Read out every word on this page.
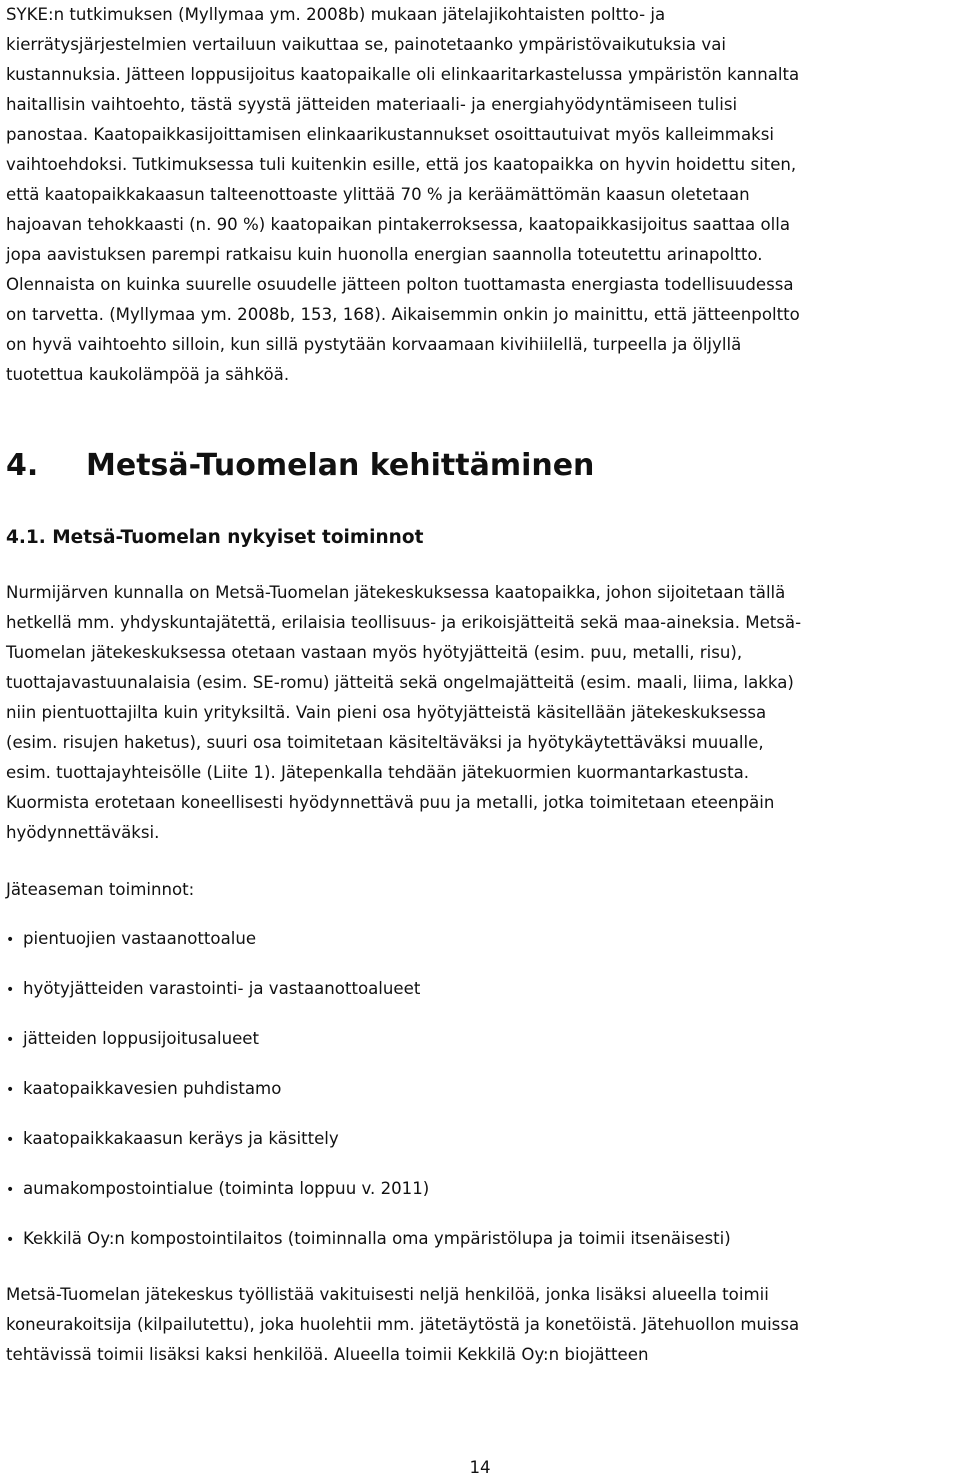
SYKE:n tutkimuksen (Myllymaa ym. 2008b) mukaan jätelajikohtaisten poltto- ja
kierrätysjärjestelmien vertailuun vaikuttaa se, painotetaanko ympäristövaikutuksia vai
kustannuksia. Jätteen loppusijoitus kaatopaikalle oli elinkaaritarkastelussa ympäristön kannalta
haitallisin vaihtoehto, tästä syystä jätteiden materiaali- ja energiahyödyntämiseen tulisi
panostaa. Kaatopaikkasijoittamisen elinkaarikustannukset osoittautuivat myös kalleimmaksi
vaihtoehdoksi. Tutkimuksessa tuli kuitenkin esille, että jos kaatopaikka on hyvin hoidettu siten,
että kaatopaikkakaasun talteenottoaste ylittää 70 % ja keräämättömän kaasun oletetaan
hajoavan tehokkaasti (n. 90 %) kaatopaikan pintakerroksessa, kaatopaikkasijoitus saattaa olla
jopa aavistuksen parempi ratkaisu kuin huonolla energian saannolla toteutettu arinapoltto.
Olennaista on kuinka suurelle osuudelle jätteen polton tuottamasta energiasta todellisuudessa
on tarvetta. (Myllymaa ym. 2008b, 153, 168). Aikaisemmin onkin jo mainittu, että jätteenpoltto
on hyvä vaihtoehto silloin, kun sillä pystytään korvaamaan kivihiilellä, turpeella ja öljyllä
tuotettua kaukolämpöä ja sähköä.
4. Metsä-Tuomelan kehittäminen
4.1. Metsä-Tuomelan nykyiset toiminnot
Nurmijärven kunnalla on Metsä-Tuomelan jätekeskuksessa kaatopaikka, johon sijoitetaan tällä
hetkellä mm. yhdyskuntajätettä, erilaisia teollisuus- ja erikoisjätteitä sekä maa-aineksia. Metsä-
Tuomelan jätekeskuksessa otetaan vastaan myös hyötyjätteitä (esim. puu, metalli, risu),
tuottajavastuunalaisia (esim. SE-romu) jätteitä sekä ongelmajätteitä (esim. maali, liima, lakka)
niin pientuottajilta kuin yrityksiltä. Vain pieni osa hyötyjätteistä käsitellään jätekeskuksessa
(esim. risujen haketus), suuri osa toimitetaan käsiteltäväksi ja hyötykäytettäväksi muualle,
esim. tuottajayhteisölle (Liite 1). Jätepenkalla tehdään jätekuormien kuormantarkastusta.
Kuormista erotetaan koneellisesti hyödynnettävä puu ja metalli, jotka toimitetaan eteenpäin
hyödynnettäväksi.
Jäteaseman toiminnot:
• pientuojien vastaanottoalue
• hyötyjätteiden varastointi- ja vastaanottoalueet
• jätteiden loppusijoitusalueet
• kaatopaikkavesien puhdistamo
• kaatopaikkakaasun keräys ja käsittely
• aumakompostointialue (toiminta loppuu v. 2011)
• Kekkilä Oy:n kompostointilaitos (toiminnalla oma ympäristölupa ja toimii itsenäisesti)
Metsä-Tuomelan jätekeskus työllistää vakituisesti neljä henkilöä, jonka lisäksi alueella toimii
koneurakoitsija (kilpailutettu), joka huolehtii mm. jätetäytöstä ja konetöistä. Jätehuollon muissa
tehtävissä toimii lisäksi kaksi henkilöä. Alueella toimii Kekkilä Oy:n biojätteen
14
